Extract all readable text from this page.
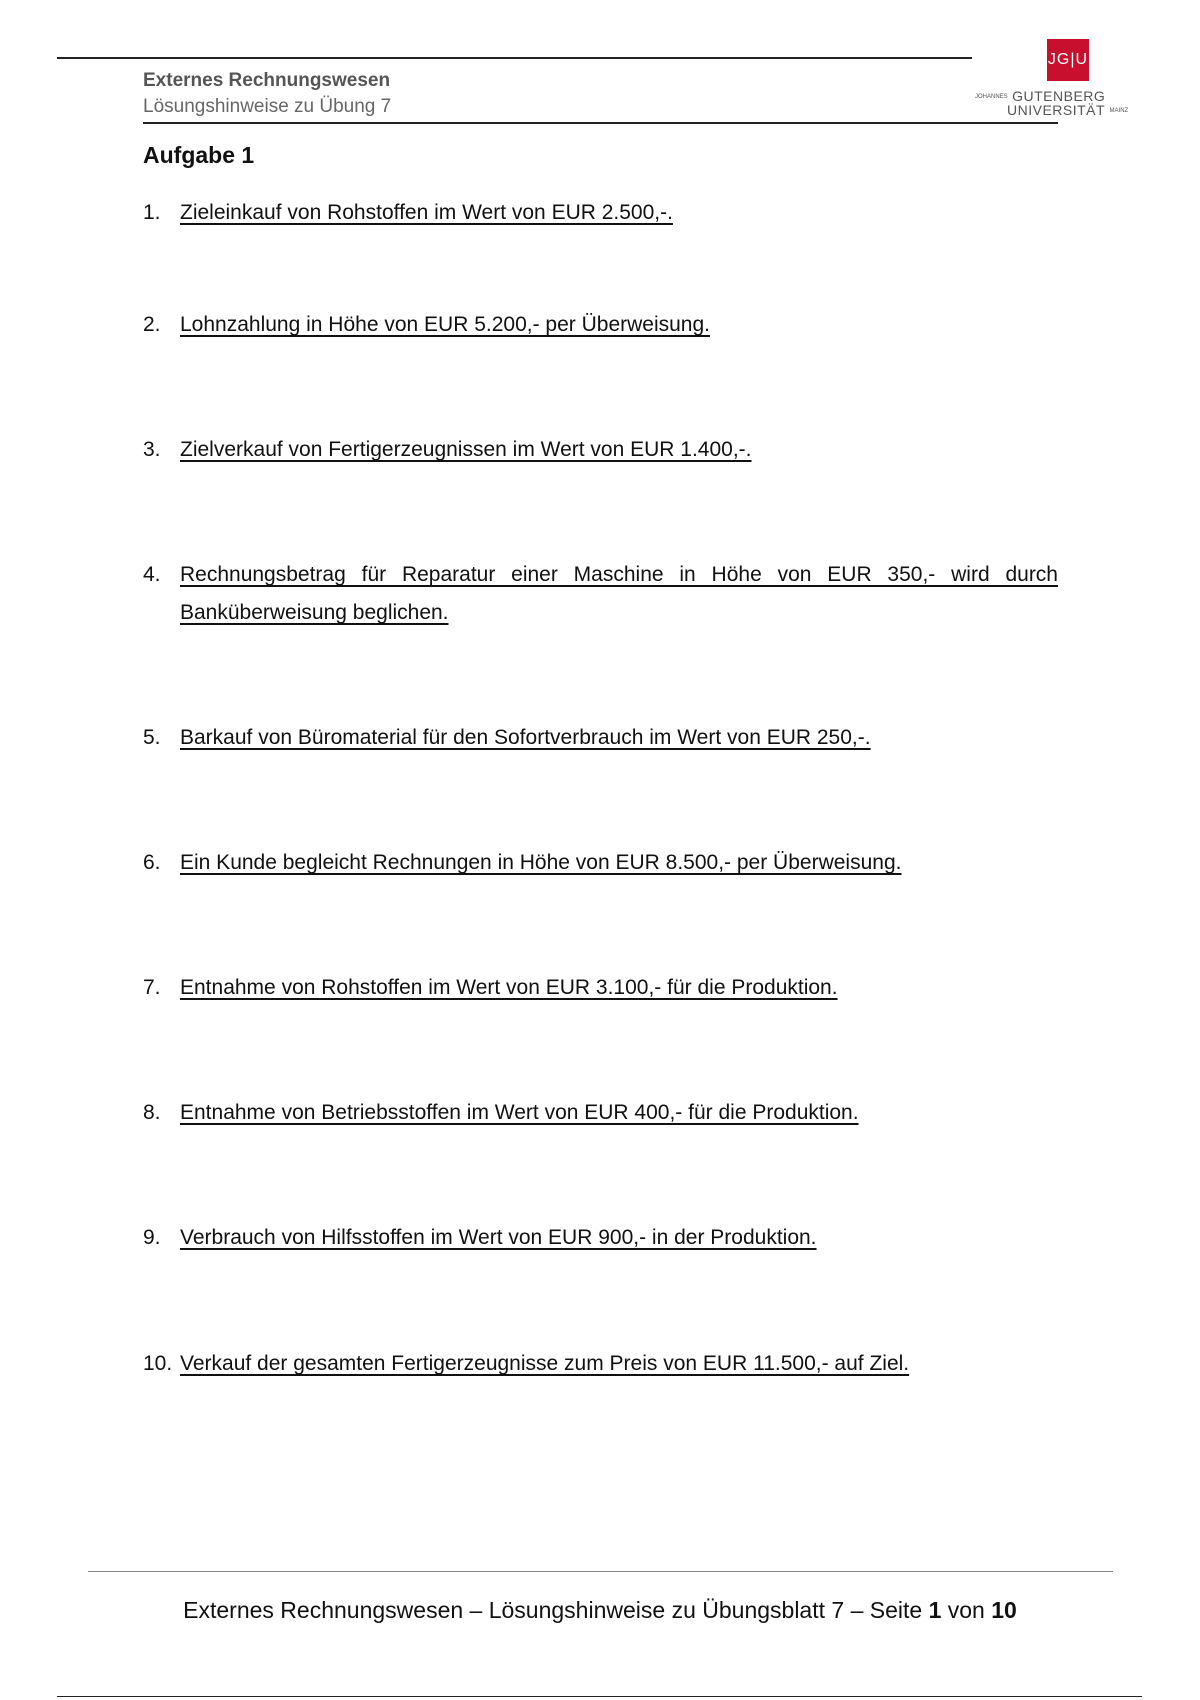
Externes Rechnungswesen
Lösungshinweise zu Übung 7
JG|U
JOHANNES GUTENBERG
UNIVERSITÄT MAINZ
Aufgabe 1
1. Zieleinkauf von Rohstoffen im Wert von EUR 2.500,-.
2. Lohnzahlung in Höhe von EUR 5.200,- per Überweisung.
3. Zielverkauf von Fertigerzeugnissen im Wert von EUR 1.400,-.
4. Rechnungsbetrag für Reparatur einer Maschine in Höhe von EUR 350,- wird durch Banküberweisung beglichen.
5. Barkauf von Büromaterial für den Sofortverbrauch im Wert von EUR 250,-.
6. Ein Kunde begleicht Rechnungen in Höhe von EUR 8.500,- per Überweisung.
7. Entnahme von Rohstoffen im Wert von EUR 3.100,- für die Produktion.
8. Entnahme von Betriebsstoffen im Wert von EUR 400,- für die Produktion.
9. Verbrauch von Hilfsstoffen im Wert von EUR 900,- in der Produktion.
10. Verkauf der gesamten Fertigerzeugnisse zum Preis von EUR 11.500,- auf Ziel.
Externes Rechnungswesen – Lösungshinweise zu Übungsblatt 7 – Seite 1 von 10
